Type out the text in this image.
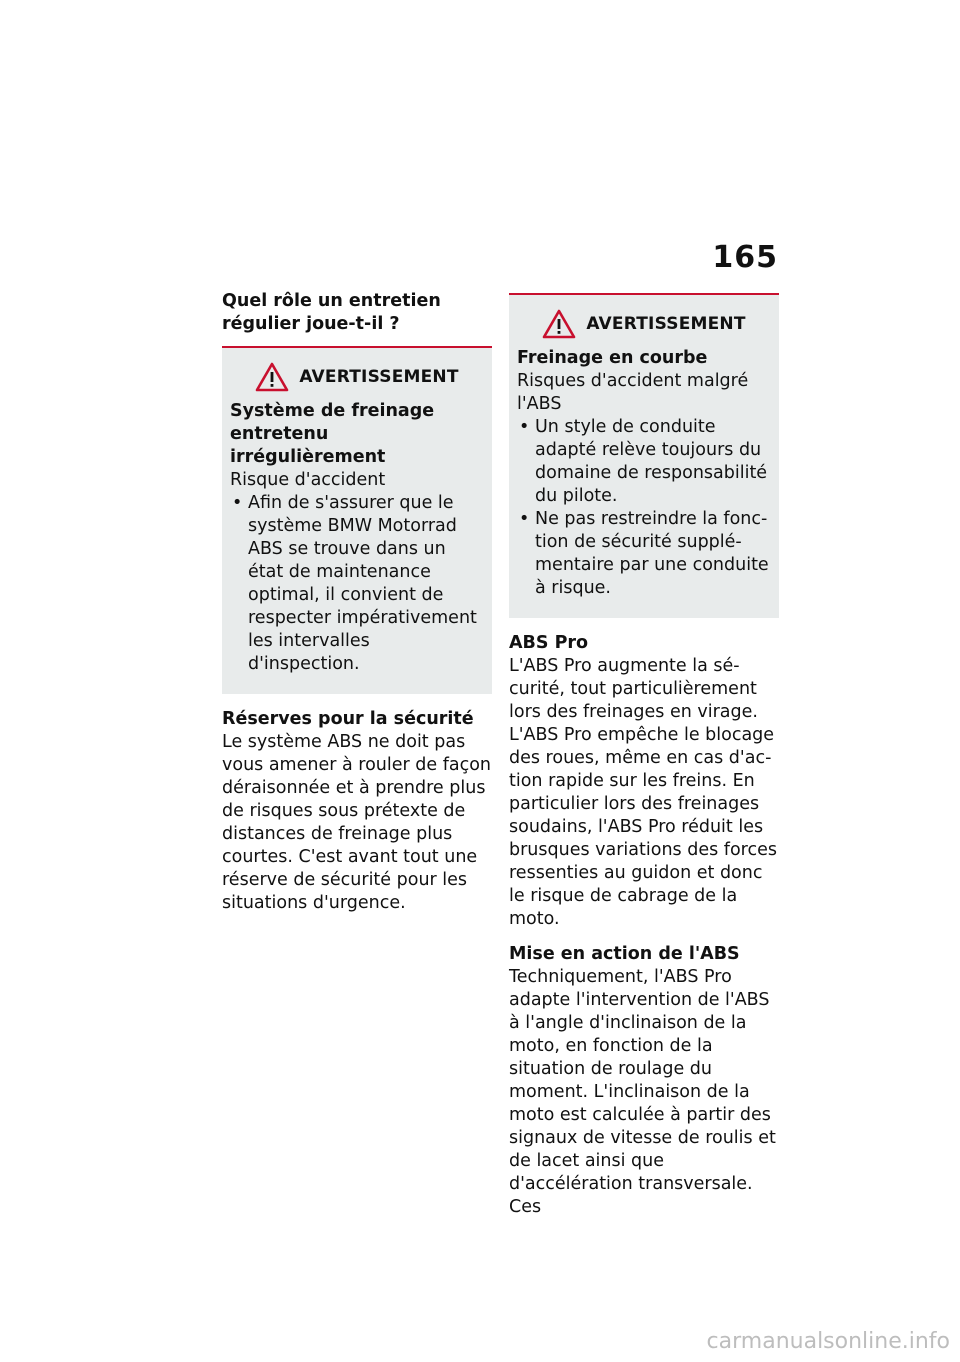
165
Quel rôle un entretien régulier joue-t-il ?
AVERTISSEMENT
Système de freinage entretenu irrégulièrement
Risque d'accident
• Afin de s'assurer que le système BMW Motorrad ABS se trouve dans un état de maintenance optimal, il convient de respecter impérativement les intervalles d'inspection.
Réserves pour la sécurité
Le système ABS ne doit pas vous amener à rouler de façon déraisonnée et à prendre plus de risques sous prétexte de distances de freinage plus courtes. C'est avant tout une réserve de sécurité pour les situations d'urgence.
AVERTISSEMENT
Freinage en courbe
Risques d'accident malgré l'ABS
• Un style de conduite adapté relève toujours du domaine de responsabilité du pilote.
• Ne pas restreindre la fonction de sécurité supplémentaire par une conduite à risque.
ABS Pro
L'ABS Pro augmente la sécurité, tout particulièrement lors des freinages en virage. L'ABS Pro empêche le blocage des roues, même en cas d'action rapide sur les freins. En particulier lors des freinages soudains, l'ABS Pro réduit les brusques variations des forces ressenties au guidon et donc le risque de cabrage de la moto.
Mise en action de l'ABS
Techniquement, l'ABS Pro adapte l'intervention de l'ABS à l'angle d'inclinaison de la moto, en fonction de la situation de roulage du moment. L'inclinaison de la moto est calculée à partir des signaux de vitesse de roulis et de lacet ainsi que d'accélération transversale. Ces
carmanualsonline.info
